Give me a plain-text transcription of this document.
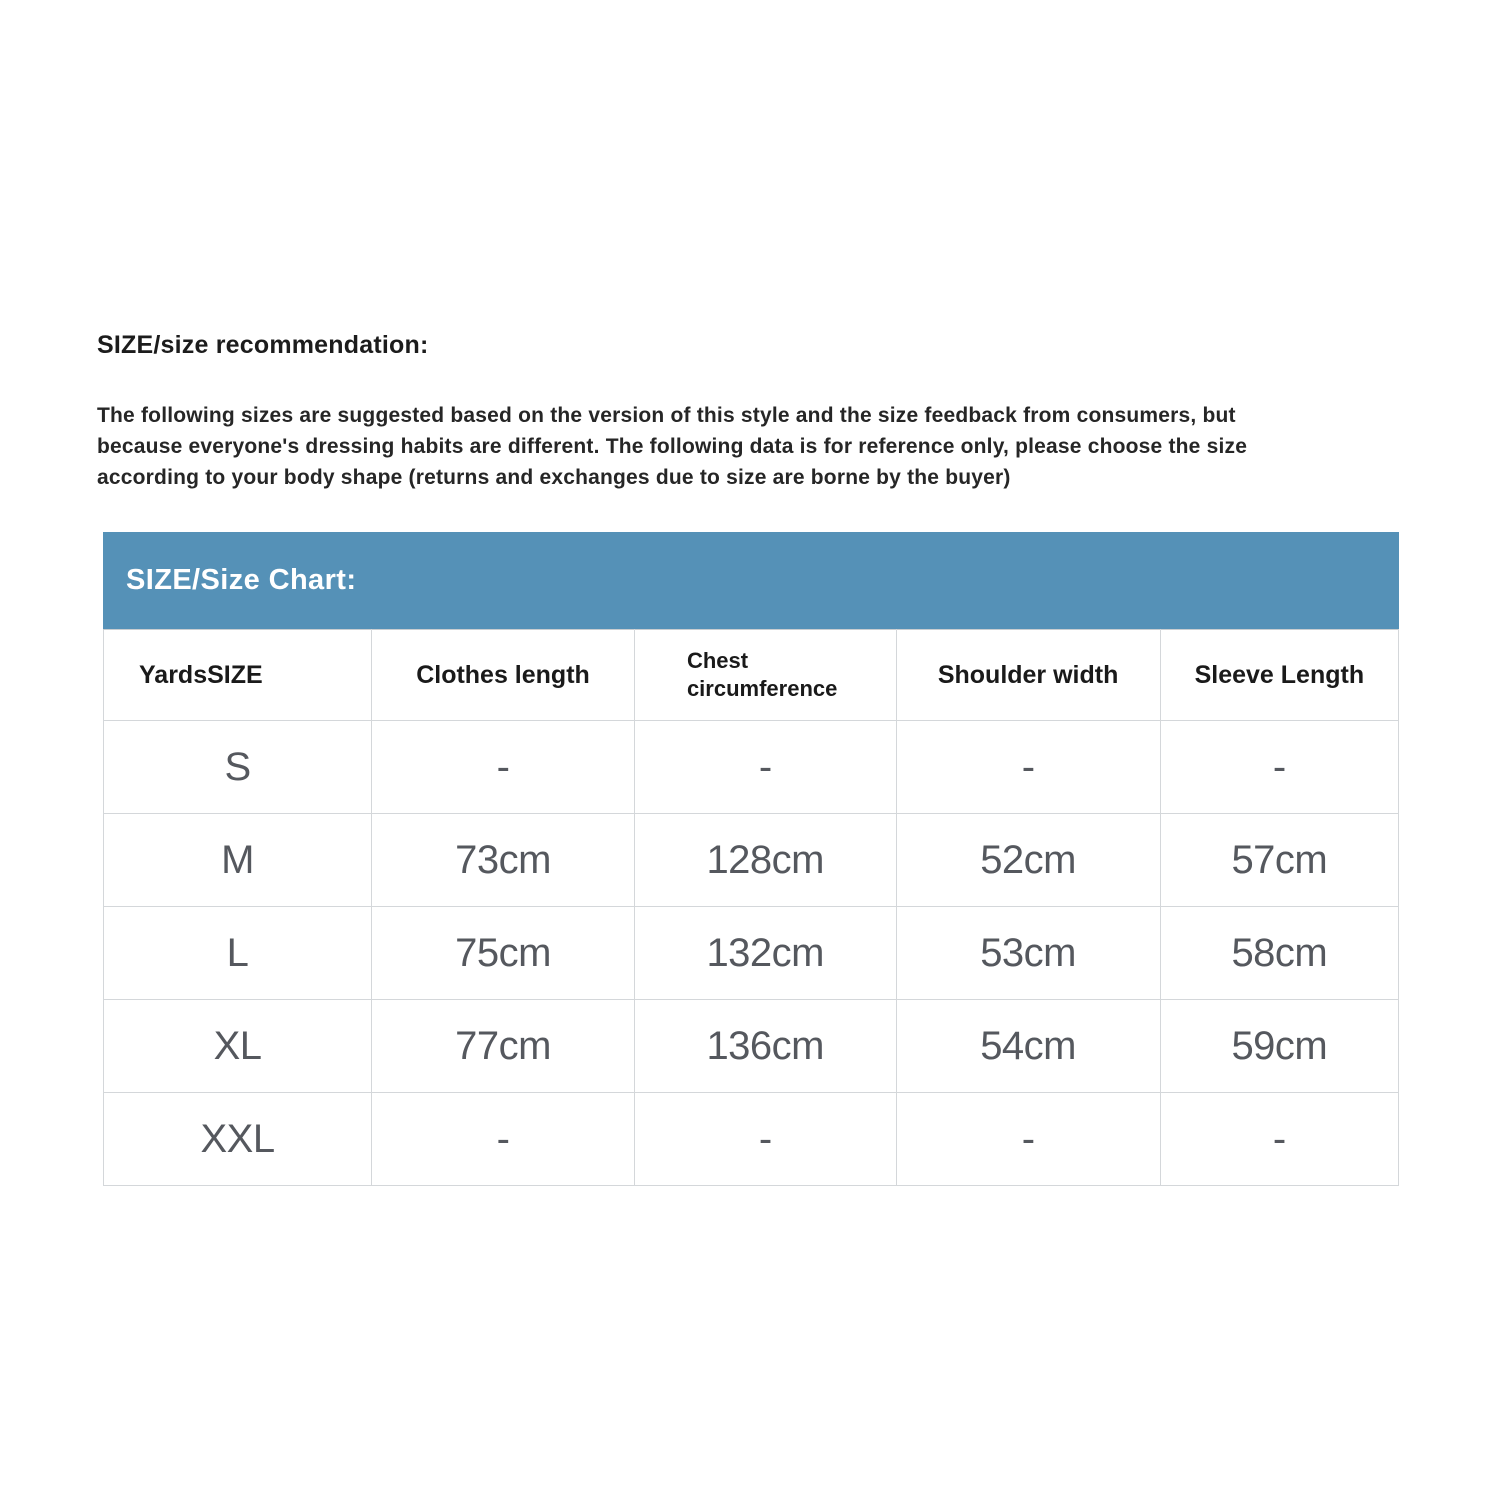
SIZE/size recommendation:
The following sizes are suggested based on the version of this style and the size feedback from consumers, but
because everyone's dressing habits are different. The following data is for reference only, please choose the size
according to your body shape (returns and exchanges due to size are borne by the buyer)
SIZE/Size Chart:
YardsSIZE	Clothes length	Chest circumference	Shoulder width	Sleeve Length
S	-	-	-	-
M	73cm	128cm	52cm	57cm
L	75cm	132cm	53cm	58cm
XL	77cm	136cm	54cm	59cm
XXL	-	-	-	-
